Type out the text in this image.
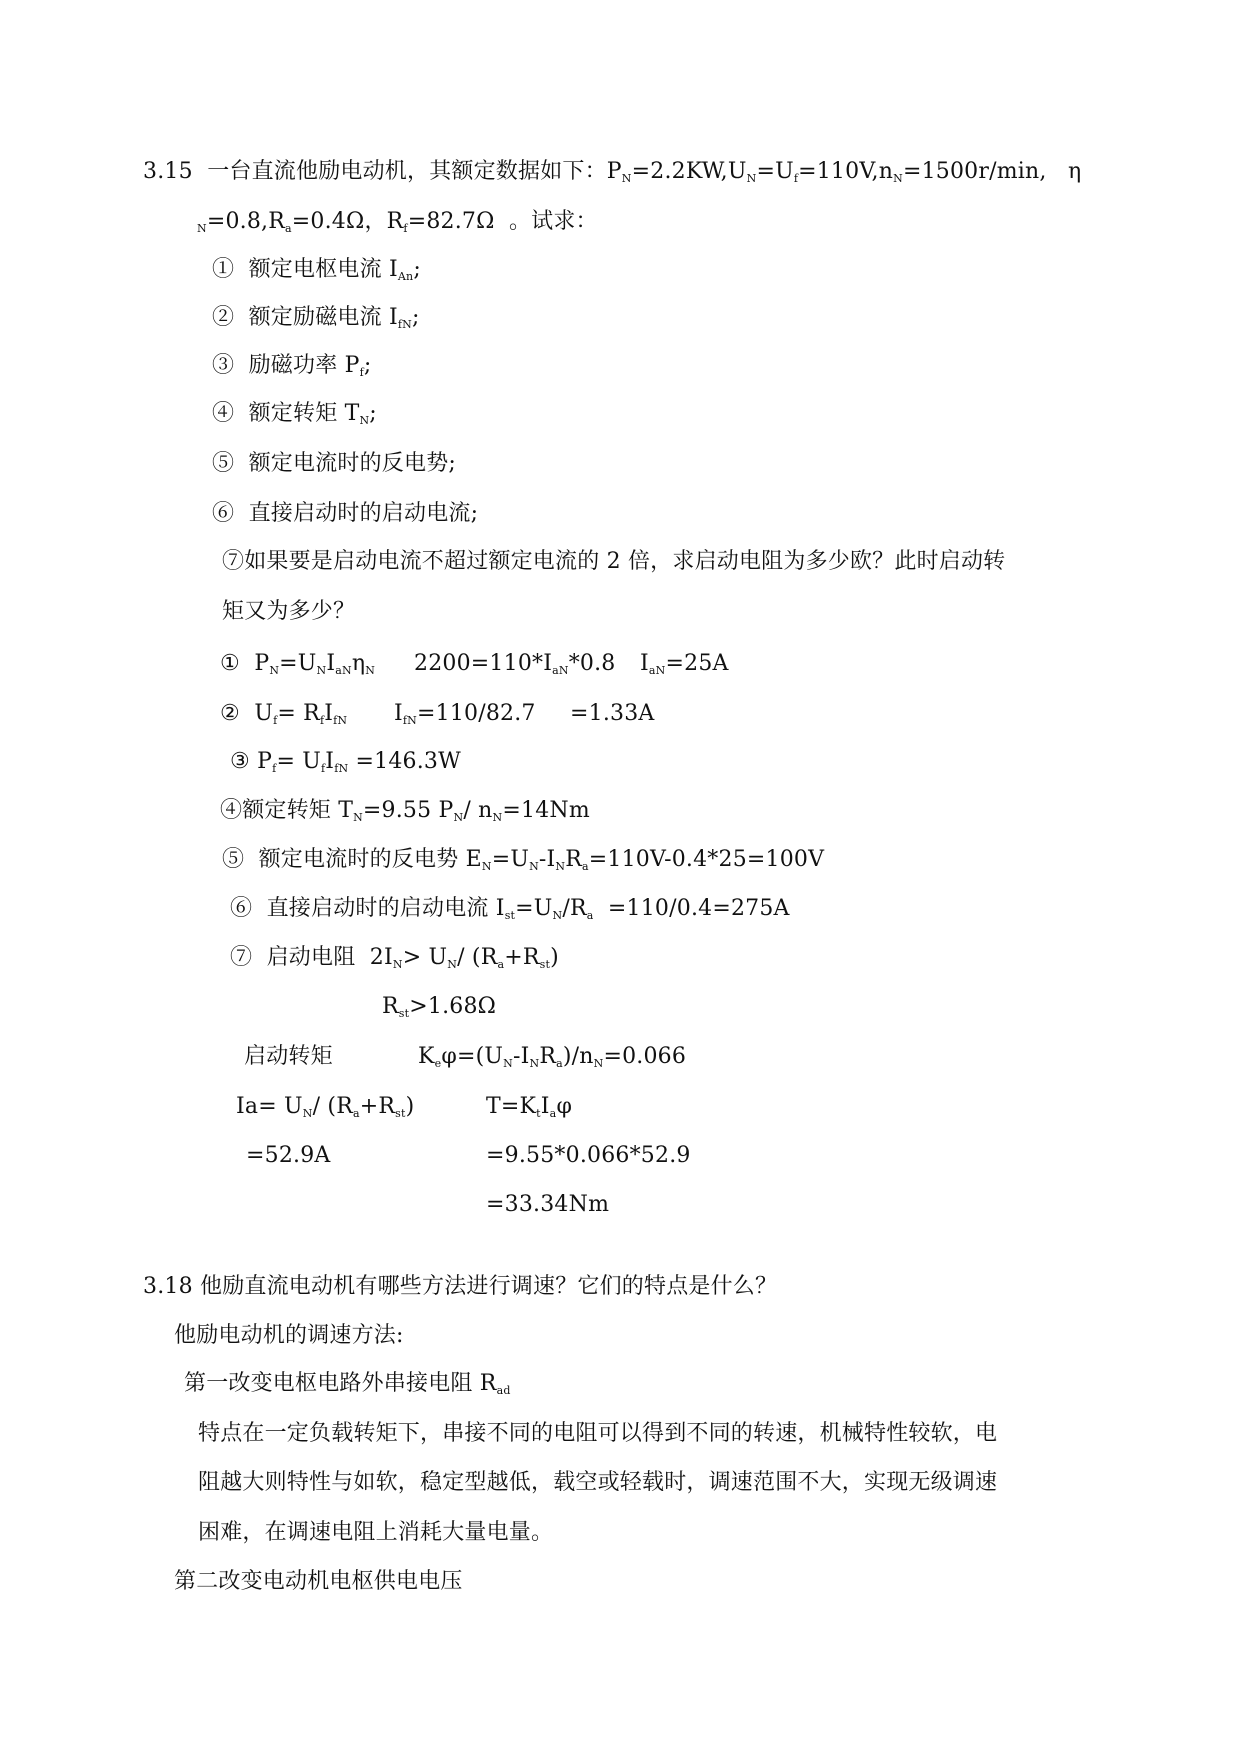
3.15 一台直流他励电动机，其额定数据如下：$P_N=2.2KW,U_N=U_f=110V,n_N=1500r/\min$, η
$_N=0.8,R_a=0.4\Omega$，$R_f=82.7\Omega$ 。试求：
① 额定电枢电流 $I_{An}$;
② 额定励磁电流 $I_{fN}$;
③ 励磁功率 $P_f$;
④ 额定转矩 $T_N$;
⑤ 额定电流时的反电势;
⑥ 直接启动时的启动电流;
⑦如果要是启动电流不超过额定电流的 2 倍，求启动电阻为多少欧？此时启动转
矩又为多少？
① $P_N=U_NI_{aN}\eta_N$ $2200=110*I_{aN}*0.8$ $I_{aN}=25A$
② $U_f= R_fI_{fN}$ $I_{fN}=110/82.7 =1.33A$
③ $P_f= U_fI_{fN} =146.3W$
④额定转矩 $T_N=9.55$ $P_N/$ $n_N=14Nm$
⑤ 额定电流时的反电势 $E_N=U_N-I_NR_a=110V-0.4*25=100V$
⑥ 直接启动时的启动电流 $I_{st}=U_N/R_a =110/0.4=275A$
⑦ 启动电阻  $2I_N> U_N/$ $(R_a+R_{st})$
$R_{st}>1.68\Omega$
启动转矩	$K_e\varphi=(U_N-I_NR_a)/n_N=0.066$
$Ia= U_N/$ $(R_a+R_{st})$	$T=K_tI_a\varphi$
=52.9A	=9.55*0.066*52.9
=33.34Nm
3.18 他励直流电动机有哪些方法进行调速？它们的特点是什么？
他励电动机的调速方法:
第一改变电枢电路外串接电阻 $R_{ad}$
特点在一定负载转矩下，串接不同的电阻可以得到不同的转速，机械特性较软，电
阻越大则特性与如软，稳定型越低，载空或轻载时，调速范围不大，实现无级调速
困难，在调速电阻上消耗大量电量。
第二改变电动机电枢供电电压
